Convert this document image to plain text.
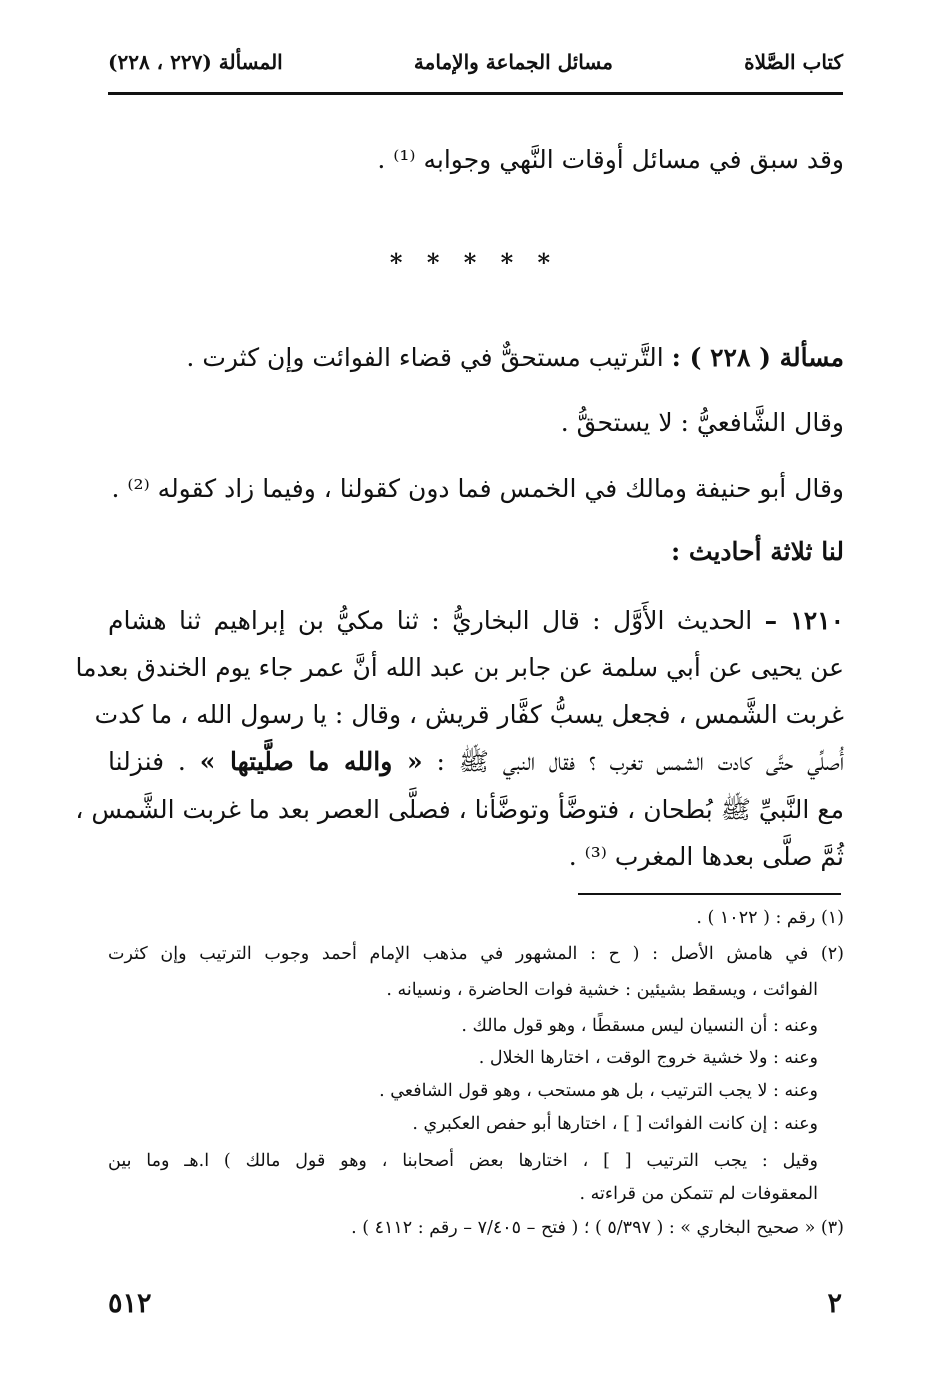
كتاب الصَّلاة
مسائل الجماعة والإمامة
المسألة (٢٢٧ ، ٢٢٨)
وقد سبق في مسائل أوقات النَّهي وجوابه ⁽¹⁾ .
* * * * *
مسألة ( ٢٢٨ ) : التَّرتيب مستحقٌّ في قضاء الفوائت وإن كثرت .
وقال الشَّافعيُّ : لا يستحقُّ .
وقال أبو حنيفة ومالك في الخمس فما دون كقولنا ، وفيما زاد كقوله ⁽²⁾ .
لنا ثلاثة أحاديث :
١٢١٠ – الحديث الأَوَّل : قال البخاريُّ : ثنا مكيُّ بن إبراهيم ثنا هشام
عن يحيى عن أبي سلمة عن جابر بن عبد الله أنَّ عمر جاء يوم الخندق بعدما
غربت الشَّمس ، فجعل يسبُّ كفَّار قريش ، وقال : يا رسول الله ، ما كدت
أُصلِّي حتَّى كادت الشمس تغرب ؟ فقال النبي ﷺ : « والله ما صلَّيتها » . فنزلنا
مع النَّبيِّ ﷺ بُطحان ، فتوضَّأ وتوضَّأنا ، فصلَّى العصر بعد ما غربت الشَّمس ،
ثُمَّ صلَّى بعدها المغرب ⁽³⁾ .
(١) رقم : ( ١٠٢٢ ) .
(٢) في هامش الأصل : ( ح : المشهور في مذهب الإمام أحمد وجوب الترتيب وإن كثرت
الفوائت ، ويسقط بشيئين : خشية فوات الحاضرة ، ونسيانه .
وعنه : أن النسيان ليس مسقطًا ، وهو قول مالك .
وعنه : ولا خشية خروج الوقت ، اختارها الخلال .
وعنه : لا يجب الترتيب ، بل هو مستحب ، وهو قول الشافعي .
وعنه : إن كانت الفوائت [ ] ، اختارها أبو حفص العكبري .
وقيل : يجب الترتيب [ ] ، اختارها بعض أصحابنا ، وهو قول مالك ) ا.هـ وما بين
المعقوفات لم تتمكن من قراءته .
(٣) « صحيح البخاري » : ( ٥/٣٩٧ ) ؛ ( فتح – ٧/٤٠٥ – رقم : ٤١١٢ ) .
٥١٢	٢
